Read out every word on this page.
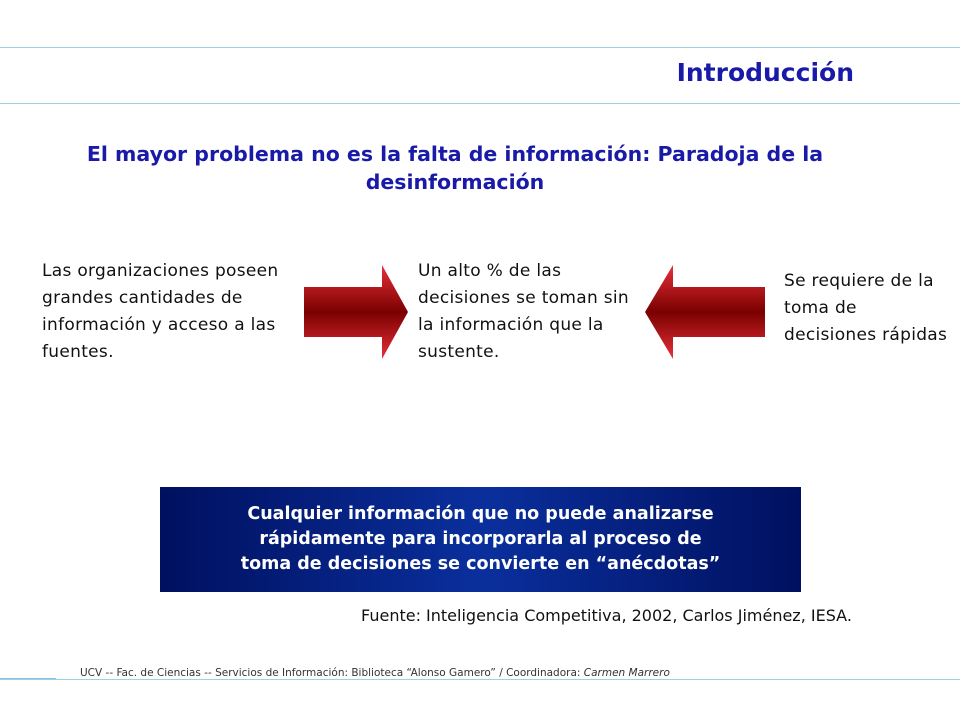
Introducción

El mayor problema no es la falta de información: Paradoja de la desinformación

Las organizaciones poseen grandes cantidades de información y acceso a las fuentes.
Un alto % de las decisiones se toman sin la información que la sustente.
Se requiere de la toma de decisiones rápidas
Cualquier información que no puede analizarse
rápidamente para incorporarla al proceso de
toma de decisiones se convierte en “anécdotas”
Fuente: Inteligencia Competitiva, 2002, Carlos Jiménez, IESA.
UCV -- Fac. de Ciencias -- Servicios de Información: Biblioteca “Alonso Gamero” / Coordinadora: Carmen Marrero
